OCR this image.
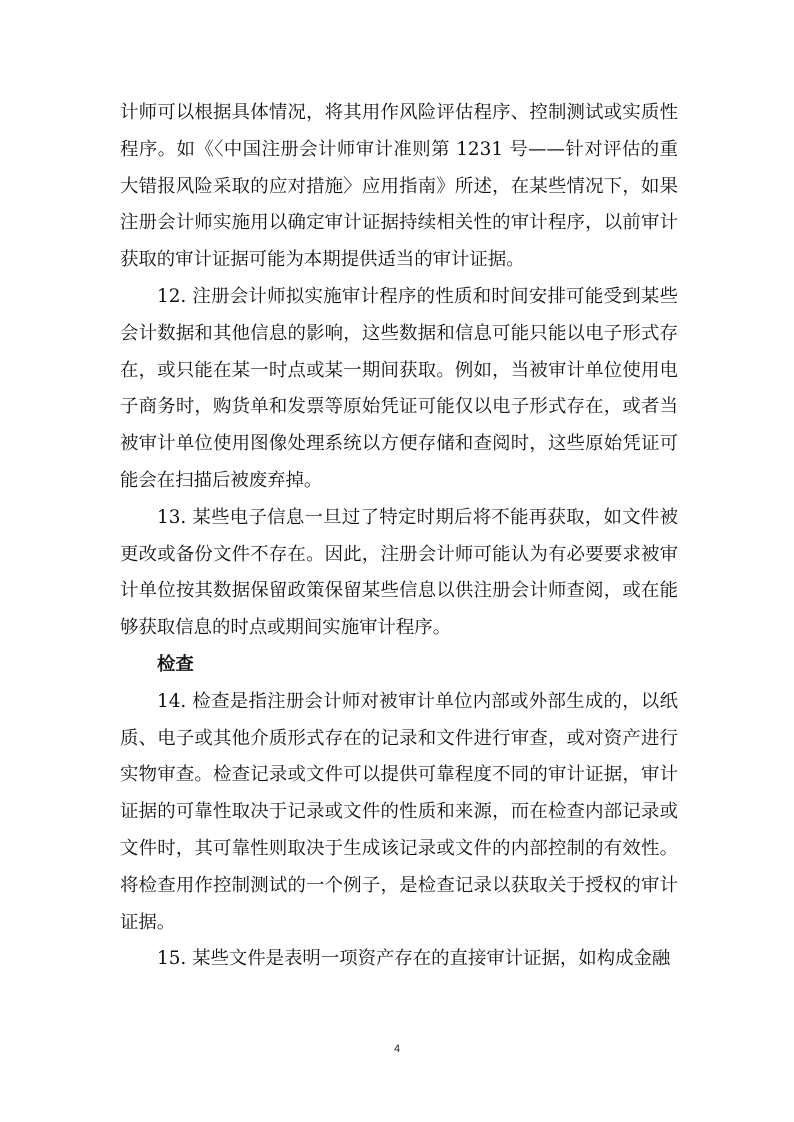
计师可以根据具体情况，将其用作风险评估程序、控制测试或实质性程序。如《〈中国注册会计师审计准则第 1231 号——针对评估的重大错报风险采取的应对措施〉应用指南》所述，在某些情况下，如果注册会计师实施用以确定审计证据持续相关性的审计程序，以前审计获取的审计证据可能为本期提供适当的审计证据。

12. 注册会计师拟实施审计程序的性质和时间安排可能受到某些会计数据和其他信息的影响，这些数据和信息可能只能以电子形式存在，或只能在某一时点或某一期间获取。例如，当被审计单位使用电子商务时，购货单和发票等原始凭证可能仅以电子形式存在，或者当被审计单位使用图像处理系统以方便存储和查阅时，这些原始凭证可能会在扫描后被废弃掉。

13. 某些电子信息一旦过了特定时期后将不能再获取，如文件被更改或备份文件不存在。因此，注册会计师可能认为有必要要求被审计单位按其数据保留政策保留某些信息以供注册会计师查阅，或在能够获取信息的时点或期间实施审计程序。

检查

14. 检查是指注册会计师对被审计单位内部或外部生成的，以纸质、电子或其他介质形式存在的记录和文件进行审查，或对资产进行实物审查。检查记录或文件可以提供可靠程度不同的审计证据，审计证据的可靠性取决于记录或文件的性质和来源，而在检查内部记录或文件时，其可靠性则取决于生成该记录或文件的内部控制的有效性。将检查用作控制测试的一个例子，是检查记录以获取关于授权的审计证据。

15. 某些文件是表明一项资产存在的直接审计证据，如构成金融

4
